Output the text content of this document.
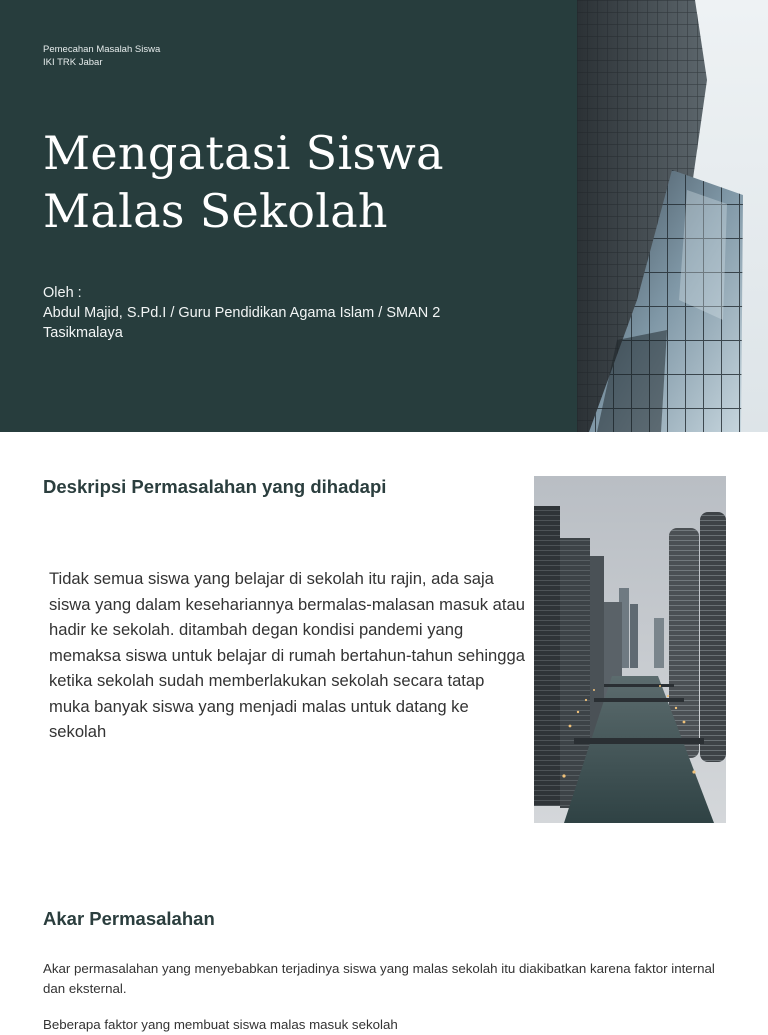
Pemecahan Masalah Siswa
IKI TRK Jabar
Mengatasi Siswa
Malas Sekolah
Oleh :
Abdul Majid, S.Pd.I / Guru Pendidikan Agama Islam / SMAN 2 Tasikmalaya
Deskripsi Permasalahan yang dihadapi

Tidak semua siswa yang belajar di sekolah itu rajin, ada saja siswa yang dalam kesehariannya bermalas-malasan masuk atau hadir ke sekolah. ditambah degan kondisi pandemi yang memaksa siswa untuk belajar di rumah bertahun-tahun sehingga ketika sekolah sudah memberlakukan sekolah secara tatap muka banyak siswa yang menjadi malas untuk datang ke sekolah

Akar Permasalahan

Akar permasalahan yang menyebabkan terjadinya siswa yang malas sekolah itu diakibatkan karena faktor internal dan eksternal.

Beberapa faktor yang membuat siswa malas masuk sekolah
